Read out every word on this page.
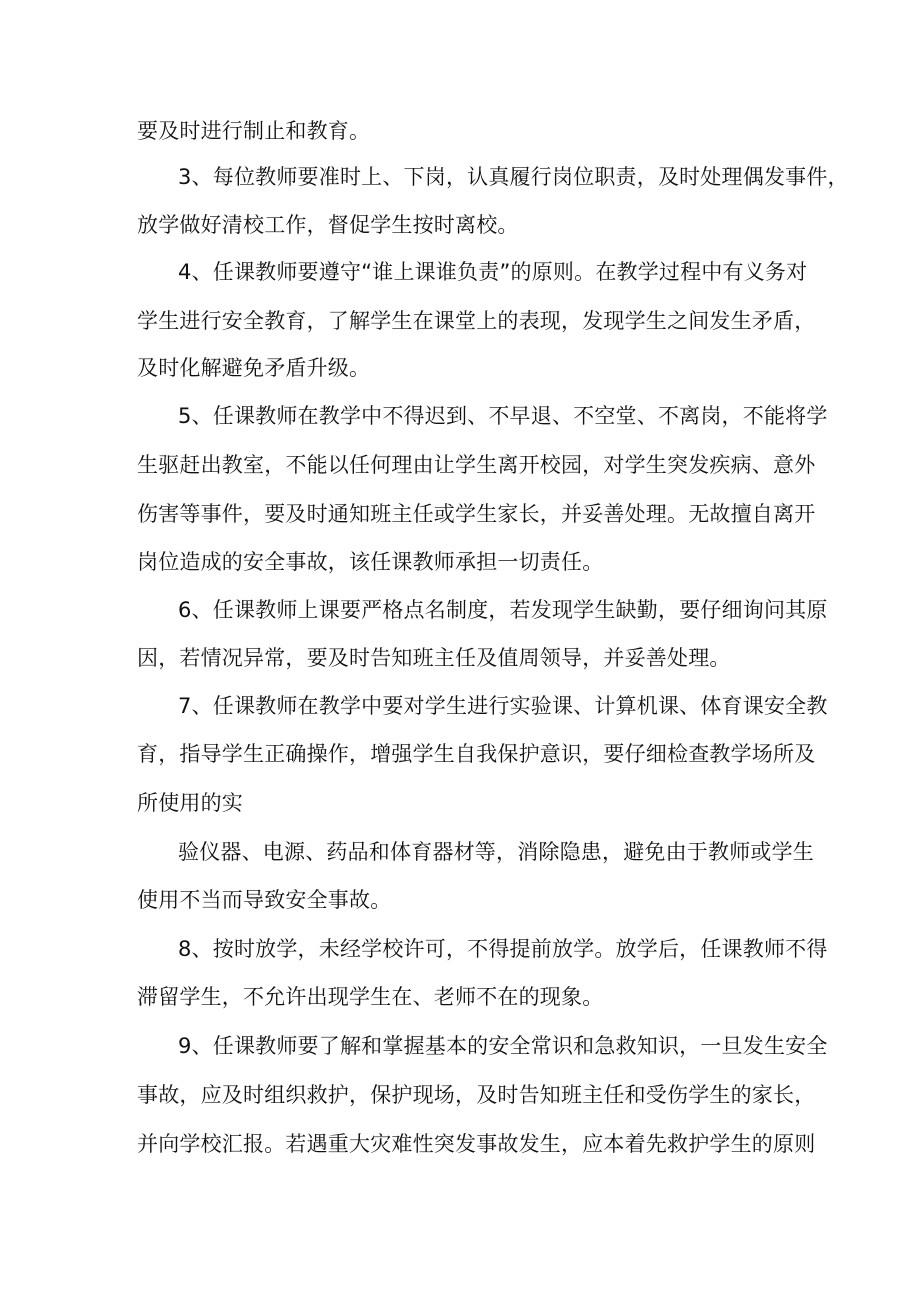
要及时进行制止和教育。
3、每位教师要准时上、下岗，认真履行岗位职责，及时处理偶发事件，
放学做好清校工作，督促学生按时离校。
4、任课教师要遵守“谁上课谁负责”的原则。在教学过程中有义务对
学生进行安全教育，了解学生在课堂上的表现，发现学生之间发生矛盾，
及时化解避免矛盾升级。
5、任课教师在教学中不得迟到、不早退、不空堂、不离岗，不能将学
生驱赶出教室，不能以任何理由让学生离开校园，对学生突发疾病、意外
伤害等事件，要及时通知班主任或学生家长，并妥善处理。无故擅自离开
岗位造成的安全事故，该任课教师承担一切责任。
6、任课教师上课要严格点名制度，若发现学生缺勤，要仔细询问其原
因，若情况异常，要及时告知班主任及值周领导，并妥善处理。
7、任课教师在教学中要对学生进行实验课、计算机课、体育课安全教
育，指导学生正确操作，增强学生自我保护意识，要仔细检查教学场所及
所使用的实
验仪器、电源、药品和体育器材等，消除隐患，避免由于教师或学生
使用不当而导致安全事故。
8、按时放学，未经学校许可，不得提前放学。放学后，任课教师不得
滞留学生，不允许出现学生在、老师不在的现象。
9、任课教师要了解和掌握基本的安全常识和急救知识，一旦发生安全
事故，应及时组织救护，保护现场，及时告知班主任和受伤学生的家长，
并向学校汇报。若遇重大灾难性突发事故发生，应本着先救护学生的原则
